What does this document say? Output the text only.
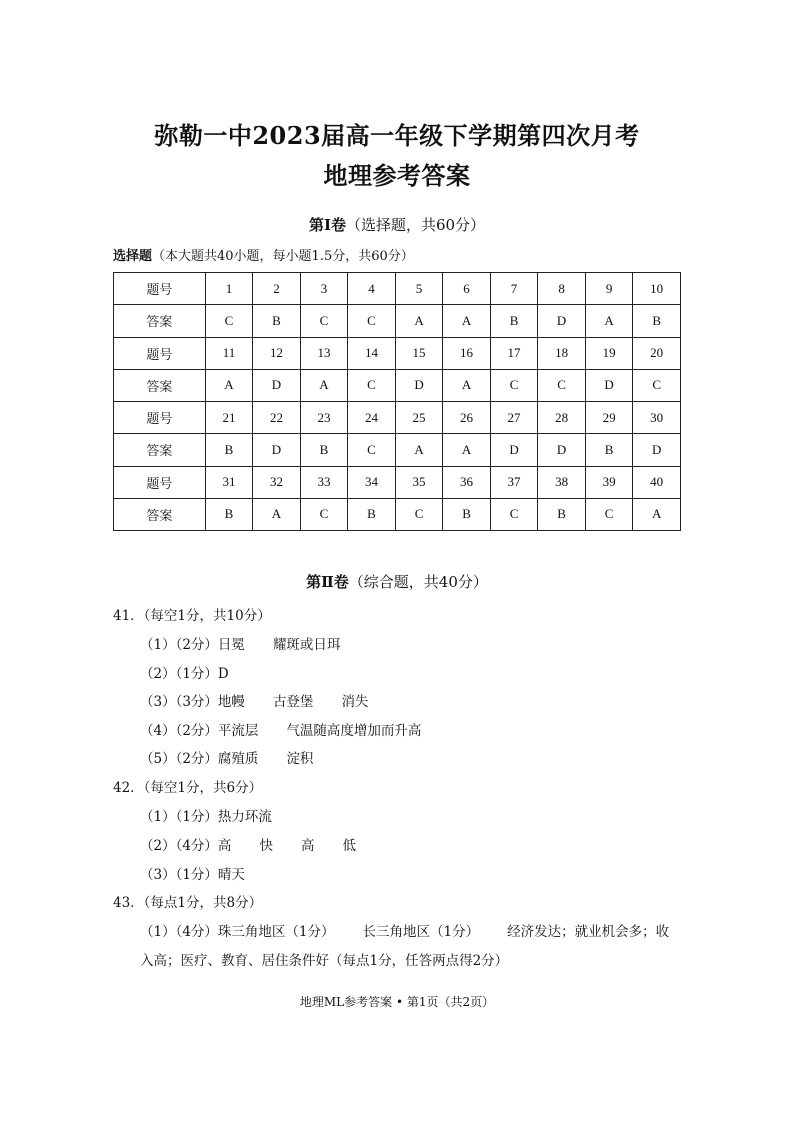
弥勒一中2023届高一年级下学期第四次月考
地理参考答案
第Ⅰ卷（选择题，共60分）
选择题（本大题共40小题，每小题1.5分，共60分）
题号	1	2	3	4	5	6	7	8	9	10
答案	C	B	C	C	A	A	B	D	A	B
题号	11	12	13	14	15	16	17	18	19	20
答案	A	D	A	C	D	A	C	C	D	C
题号	21	22	23	24	25	26	27	28	29	30
答案	B	D	B	C	A	A	D	D	B	D
题号	31	32	33	34	35	36	37	38	39	40
答案	B	A	C	B	C	B	C	B	C	A
第Ⅱ卷（综合题，共40分）
41．（每空1分，共10分）
（1）（2分）日冕 耀斑或日珥
（2）（1分）D
（3）（3分）地幔 古登堡 消失
（4）（2分）平流层 气温随高度增加而升高
（5）（2分）腐殖质 淀积
42．（每空1分，共6分）
（1）（1分）热力环流
（2）（4分）高 快 高 低
（3）（1分）晴天
43．（每点1分，共8分）
（1）（4分）珠三角地区（1分） 长三角地区（1分） 经济发达；就业机会多；收
入高；医疗、教育、居住条件好（每点1分，任答两点得2分）
地理ML参考答案 • 第1页（共2页）
